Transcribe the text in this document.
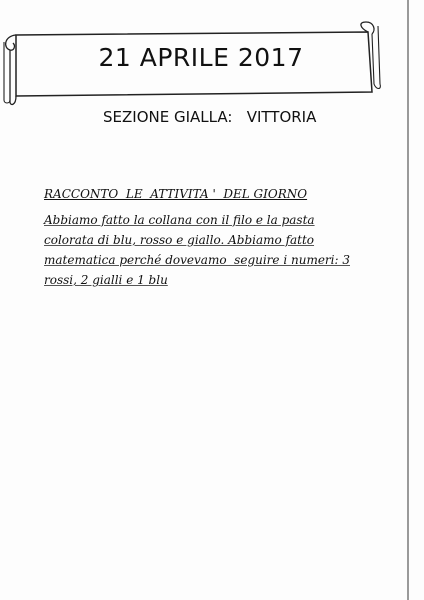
21 APRILE 2017
SEZIONE GIALLA:   VITTORIA
RACCONTO  LE  ATTIVITA '  DEL GIORNO
Abbiamo fatto la collana con il filo e la pasta
colorata di blu, rosso e giallo. Abbiamo fatto
matematica perché dovevamo  seguire i numeri: 3
rossi, 2 gialli e 1 blu
